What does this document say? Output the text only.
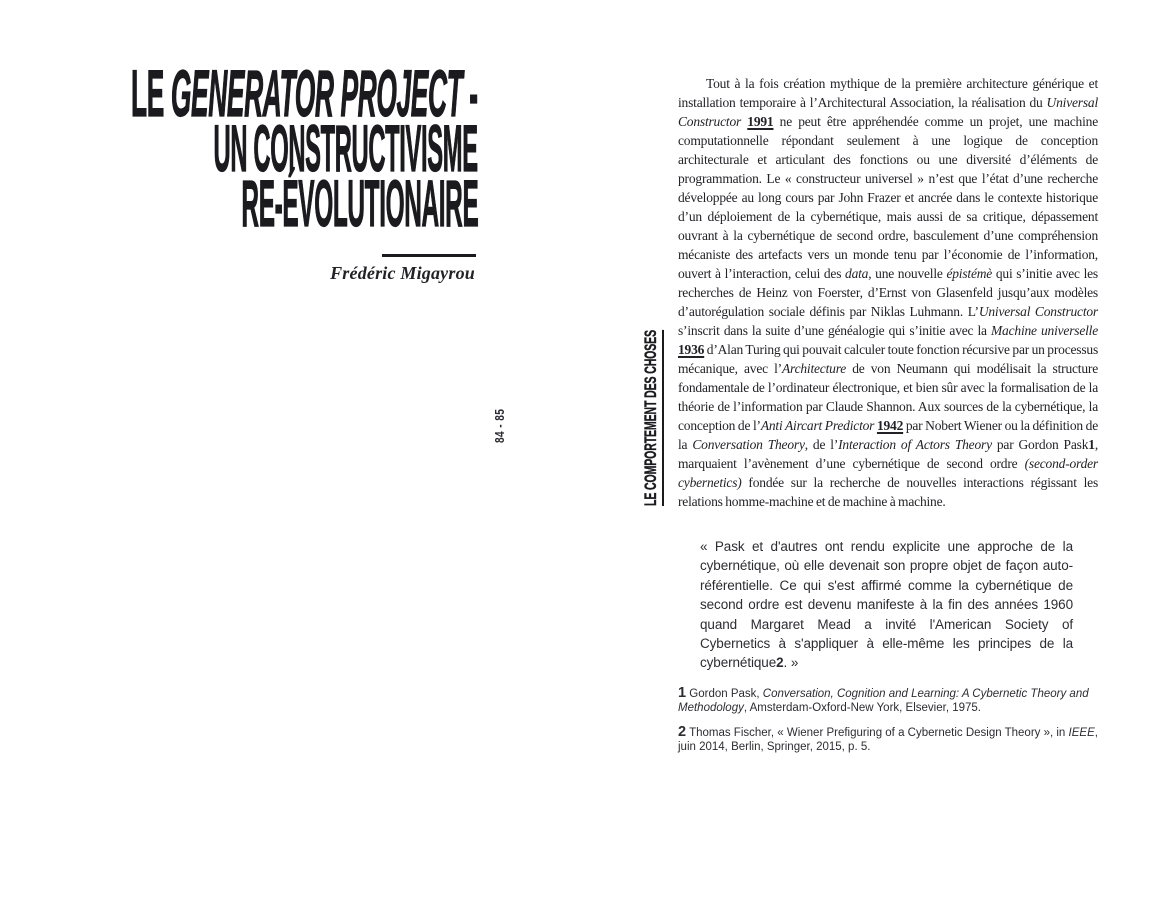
LE GENERATOR PROJECT -
UN CONSTRUCTIVISME
RE-ÉVOLUTIONAIRE
Frédéric Migayrou
84 - 85	LE COMPORTEMENT DES CHOSES

Tout à la fois création mythique de la première architecture générique et installation temporaire à l’Architectural Association, la réalisation du Universal Constructor 1991 ne peut être appréhendée comme un projet, une machine computationnelle répondant seulement à une logique de conception architecturale et articulant des fonctions ou une diversité d’éléments de programmation. Le « constructeur universel » n’est que l’état d’une recherche développée au long cours par John Frazer et ancrée dans le contexte historique d’un déploiement de la cybernétique, mais aussi de sa critique, dépassement ouvrant à la cybernétique de second ordre, basculement d’une compréhension mécaniste des artefacts vers un monde tenu par l’économie de l’information, ouvert à l’interaction, celui des data, une nouvelle épistémè qui s’initie avec les recherches de Heinz von Foerster, d’Ernst von Glasenfeld jusqu’aux modèles d’autorégulation sociale définis par Niklas Luhmann. L’Universal Constructor s’inscrit dans la suite d’une généalogie qui s’initie avec la Machine universelle 1936 d’Alan Turing qui pouvait calculer toute fonction récursive par un processus mécanique, avec l’Architecture de von Neumann qui modélisait la structure fondamentale de l’ordinateur électronique, et bien sûr avec la formalisation de la théorie de l’information par Claude Shannon. Aux sources de la cybernétique, la conception de l’Anti Aircart Predictor 1942 par Nobert Wiener ou la définition de la Conversation Theory, de l’Interaction of Actors Theory par Gordon Pask1, marquaient l’avènement d’une cybernétique de second ordre (second-order cybernetics) fondée sur la recherche de nouvelles interactions régissant les relations homme-machine et de machine à machine.

« Pask et d'autres ont rendu explicite une approche de la cybernétique, où elle devenait son propre objet de façon auto-référentielle. Ce qui s'est affirmé comme la cybernétique de second ordre est devenu manifeste à la fin des années 1960 quand Margaret Mead a invité l'American Society of Cybernetics à s'appliquer à elle-même les principes de la cybernétique2. »
1 Gordon Pask, Conversation, Cognition and Learning: A Cybernetic Theory and Methodology, Amsterdam-Oxford-New York, Elsevier, 1975.
2 Thomas Fischer, « Wiener Prefiguring of a Cybernetic Design Theory », in IEEE, juin 2014, Berlin, Springer, 2015, p. 5.
